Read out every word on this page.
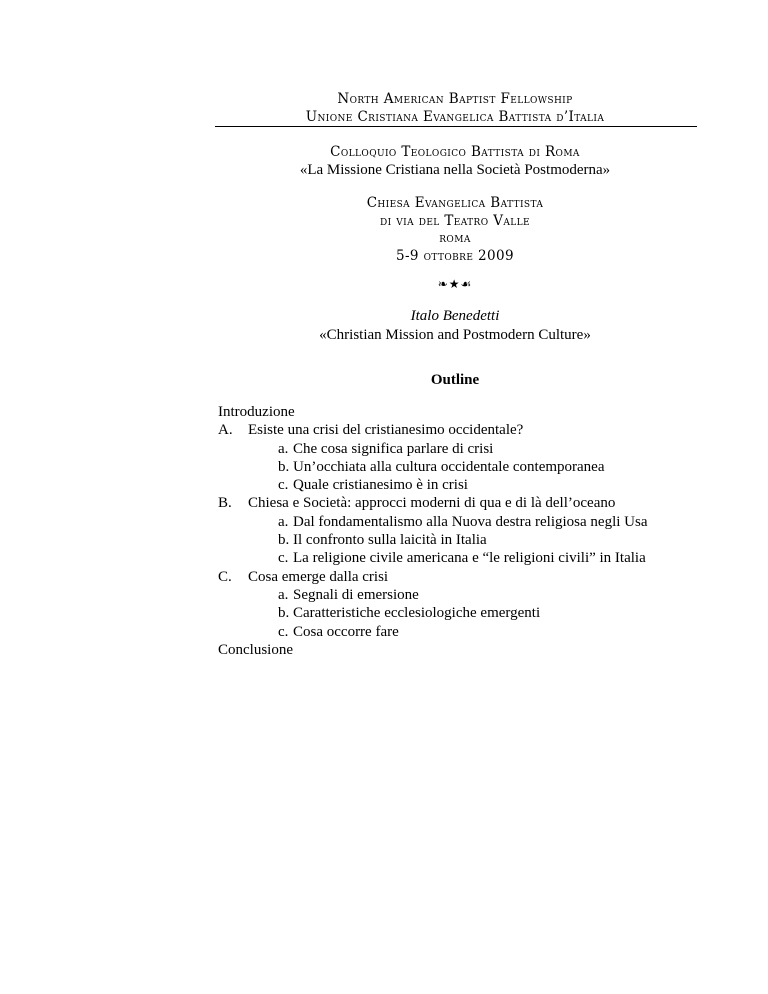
North American Baptist Fellowship
Unione Cristiana Evangelica Battista d’Italia
Colloquio Teologico Battista di Roma
«La Missione Cristiana nella Società Postmoderna»
Chiesa Evangelica Battista
di via del Teatro Valle
roma
5-9 ottobre 2009
❧★☙
Italo Benedetti
«Christian Mission and Postmodern Culture»
Outline
Introduzione
A. Esiste una crisi del cristianesimo occidentale?
a. Che cosa significa parlare di crisi
b. Un’occhiata alla cultura occidentale contemporanea
c. Quale cristianesimo è in crisi
B. Chiesa e Società: approcci moderni di qua e di là dell’oceano
a. Dal fondamentalismo alla Nuova destra religiosa negli Usa
b. Il confronto sulla laicità in Italia
c. La religione civile americana e “le religioni civili” in Italia
C. Cosa emerge dalla crisi
a. Segnali di emersione
b. Caratteristiche ecclesiologiche emergenti
c. Cosa occorre fare
Conclusione
